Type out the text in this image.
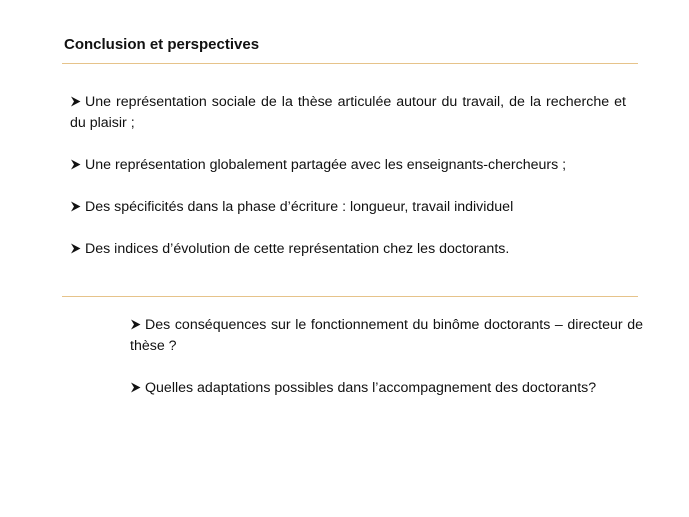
Conclusion et perspectives
Une représentation sociale de la thèse articulée autour du travail, de la recherche et du plaisir ;
Une représentation globalement partagée avec les enseignants-chercheurs ;
Des spécificités dans la phase d’écriture : longueur, travail individuel
Des indices d’évolution de cette représentation chez les doctorants.
Des conséquences sur le fonctionnement du binôme doctorants – directeur de thèse ?
Quelles adaptations possibles dans l’accompagnement des doctorants?
